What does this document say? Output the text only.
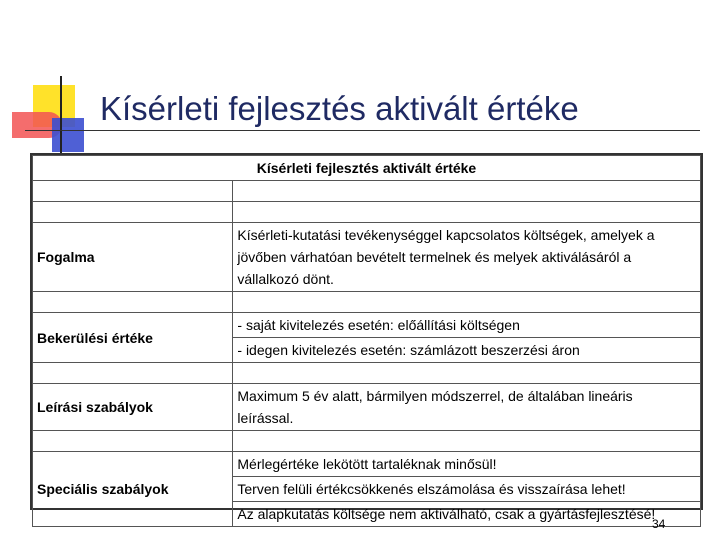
Kísérleti fejlesztés aktivált értéke
Kísérleti fejlesztés aktivált értéke	

Fogalma	Kísérleti-kutatási tevékenységgel kapcsolatos költségek, amelyek a
jövőben várhatóan bevételt termelnek és melyek aktiválásáról a
vállalkozó dönt.

Bekerülési értéke	- saját kivitelezés esetén: előállítási költségen
	- idegen kivitelezés esetén: számlázott beszerzési áron

Leírási szabályok	Maximum 5 év alatt, bármilyen módszerrel, de általában lineáris
leírással.

Speciális szabályok	Mérlegértéke lekötött tartaléknak minősül!
	Terven felüli értékcsökkenés elszámolása és visszaírása lehet!
	Az alapkutatás költsége nem aktiválható, csak a gyártásfejlesztésé!
34
